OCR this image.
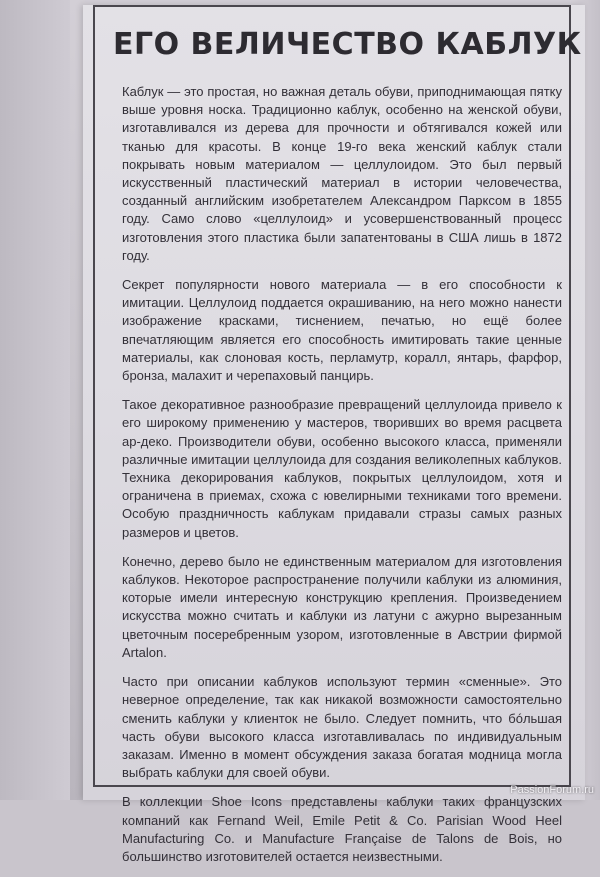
ЕГО ВЕЛИЧЕСТВО КАБЛУК

Каблук — это простая, но важная деталь обуви, приподнимающая пятку выше уровня носка. Традиционно каблук, особенно на женской обуви, изготавливался из дерева для прочности и обтягивался кожей или тканью для красоты. В конце 19-го века женский каблук стали покрывать новым материалом — целлулоидом. Это был первый искусственный пластический материал в истории человечества, созданный английским изобретателем Александром Парксом в 1855 году. Само слово «целлулоид» и усовершенствованный процесс изготовления этого пластика были запатентованы в США лишь в 1872 году.

Секрет популярности нового материала — в его способности к имитации. Целлулоид поддается окрашиванию, на него можно нанести изображение красками, тиснением, печатью, но ещё более впечатляющим является его способность имитировать такие ценные материалы, как слоновая кость, перламутр, коралл, янтарь, фарфор, бронза, малахит и черепаховый панцирь.

Такое декоративное разнообразие превращений целлулоида привело к его широкому применению у мастеров, творивших во время расцвета ар-деко. Производители обуви, особенно высокого класса, применяли различные имитации целлулоида для создания великолепных каблуков. Техника декорирования каблуков, покрытых целлулоидом, хотя и ограничена в приемах, схожа с ювелирными техниками того времени. Особую праздничность каблукам придавали стразы самых разных размеров и цветов.

Конечно, дерево было не единственным материалом для изготовления каблуков. Некоторое распространение получили каблуки из алюминия, которые имели интересную конструкцию крепления. Произведением искусства можно считать и каблуки из латуни с ажурно вырезанным цветочным посеребренным узором, изготовленные в Австрии фирмой Artalon.

Часто при описании каблуков используют термин «сменные». Это неверное определение, так как никакой возможности самостоятельно сменить каблуки у клиенток не было. Следует помнить, что бóльшая часть обуви высокого класса изготавливалась по индивидуальным заказам. Именно в момент обсуждения заказа богатая модница могла выбрать каблуки для своей обуви.

В коллекции Shoe Icons представлены каблуки таких французских компаний как Fernand Weil, Emile Petit & Co. Parisian Wood Heel Manufacturing Co. и Manufacture Française de Talons de Bois, но большинство изготовителей остается неизвестными.

PassionForum.ru
